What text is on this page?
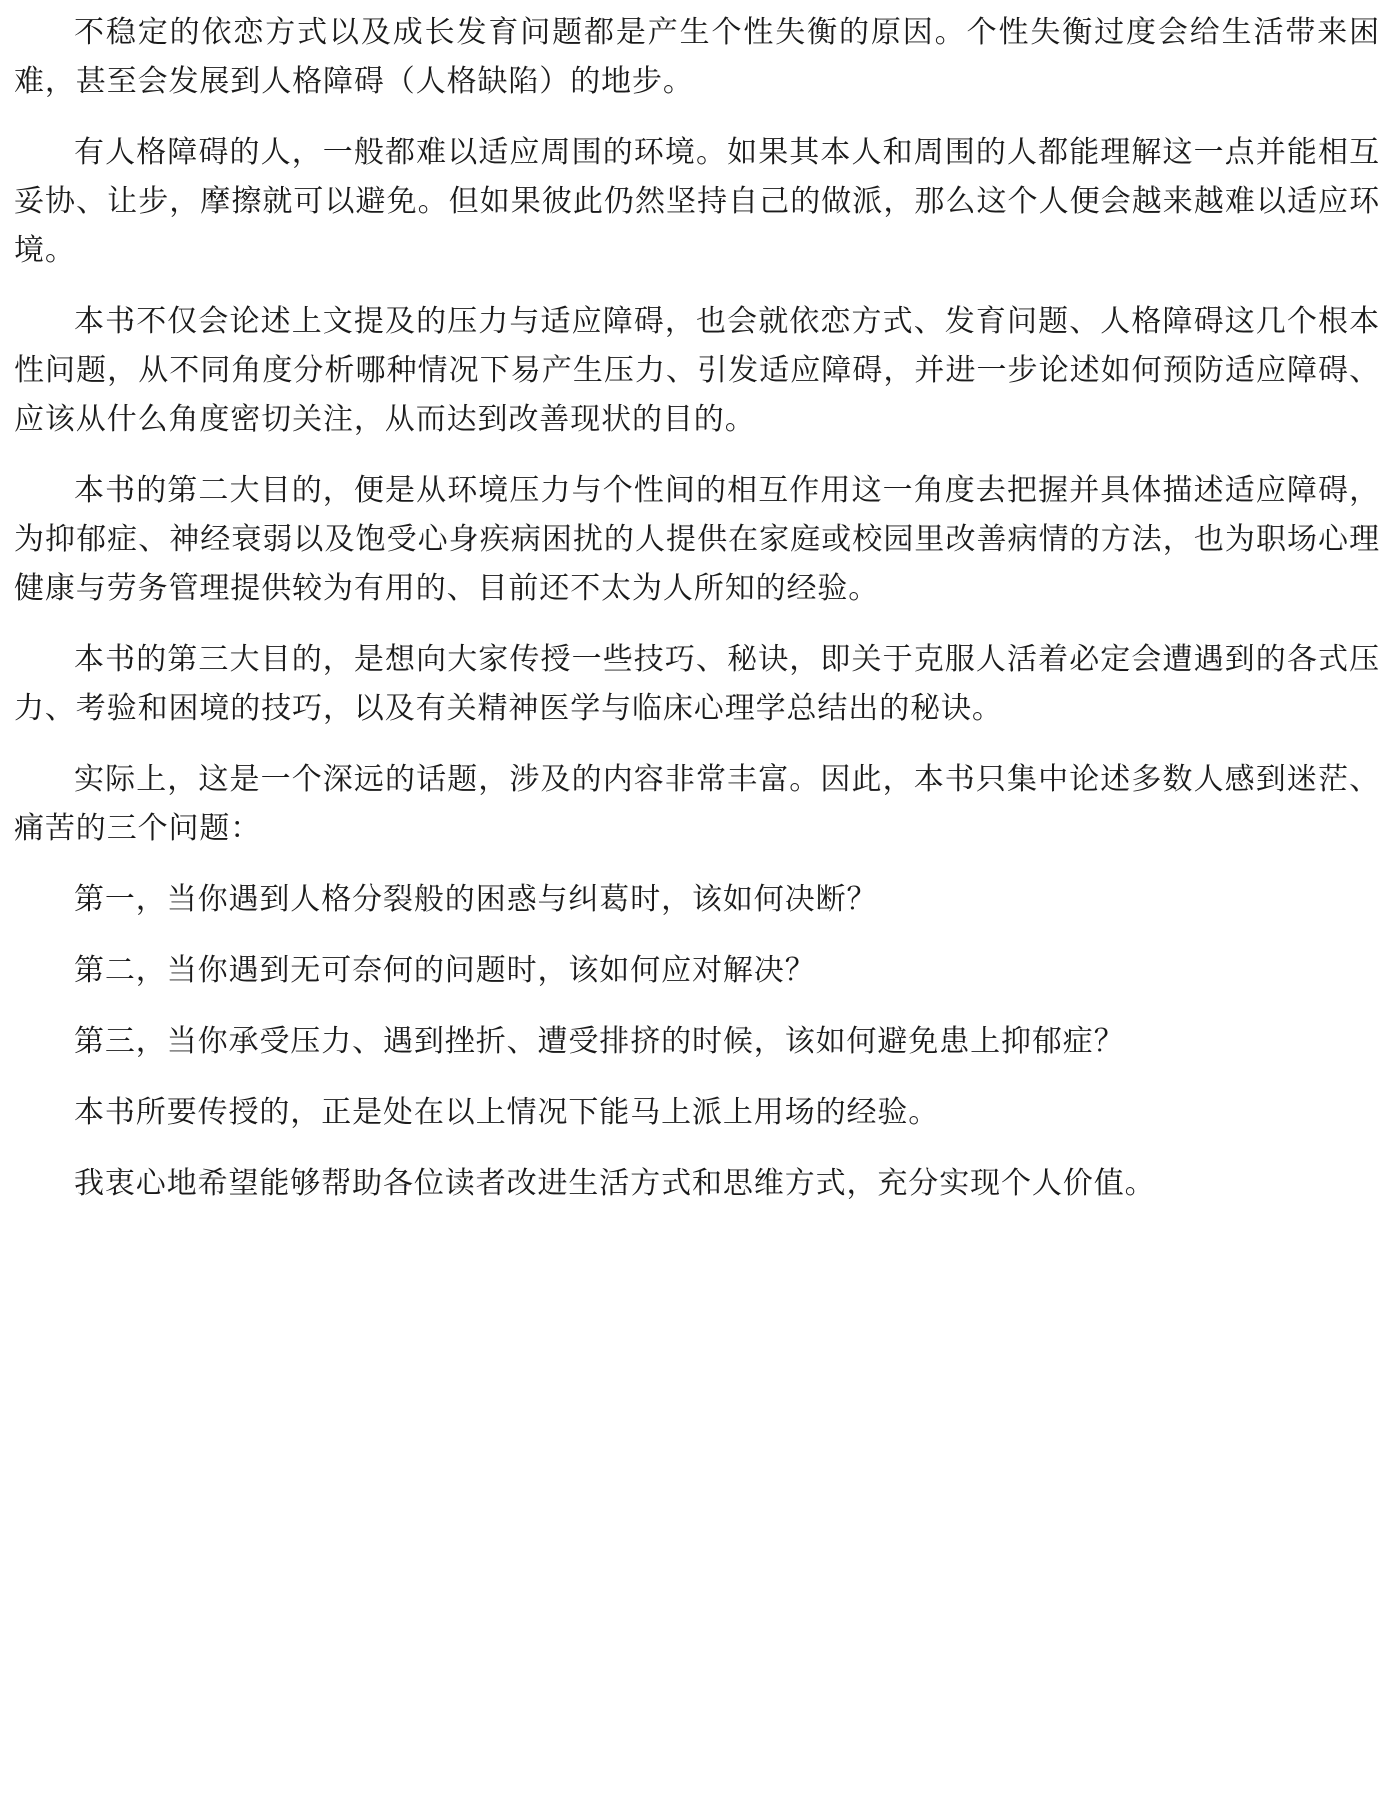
不稳定的依恋方式以及成长发育问题都是产生个性失衡的原因。个性失衡过度会给生活带来困难，甚至会发展到人格障碍（人格缺陷）的地步。

有人格障碍的人，一般都难以适应周围的环境。如果其本人和周围的人都能理解这一点并能相互妥协、让步，摩擦就可以避免。但如果彼此仍然坚持自己的做派，那么这个人便会越来越难以适应环境。

本书不仅会论述上文提及的压力与适应障碍，也会就依恋方式、发育问题、人格障碍这几个根本性问题，从不同角度分析哪种情况下易产生压力、引发适应障碍，并进一步论述如何预防适应障碍、应该从什么角度密切关注，从而达到改善现状的目的。

本书的第二大目的，便是从环境压力与个性间的相互作用这一角度去把握并具体描述适应障碍，为抑郁症、神经衰弱以及饱受心身疾病困扰的人提供在家庭或校园里改善病情的方法，也为职场心理健康与劳务管理提供较为有用的、目前还不太为人所知的经验。

本书的第三大目的，是想向大家传授一些技巧、秘诀，即关于克服人活着必定会遭遇到的各式压力、考验和困境的技巧，以及有关精神医学与临床心理学总结出的秘诀。

实际上，这是一个深远的话题，涉及的内容非常丰富。因此，本书只集中论述多数人感到迷茫、痛苦的三个问题：

第一，当你遇到人格分裂般的困惑与纠葛时，该如何决断？

第二，当你遇到无可奈何的问题时，该如何应对解决？

第三，当你承受压力、遇到挫折、遭受排挤的时候，该如何避免患上抑郁症？

本书所要传授的，正是处在以上情况下能马上派上用场的经验。

我衷心地希望能够帮助各位读者改进生活方式和思维方式，充分实现个人价值。
